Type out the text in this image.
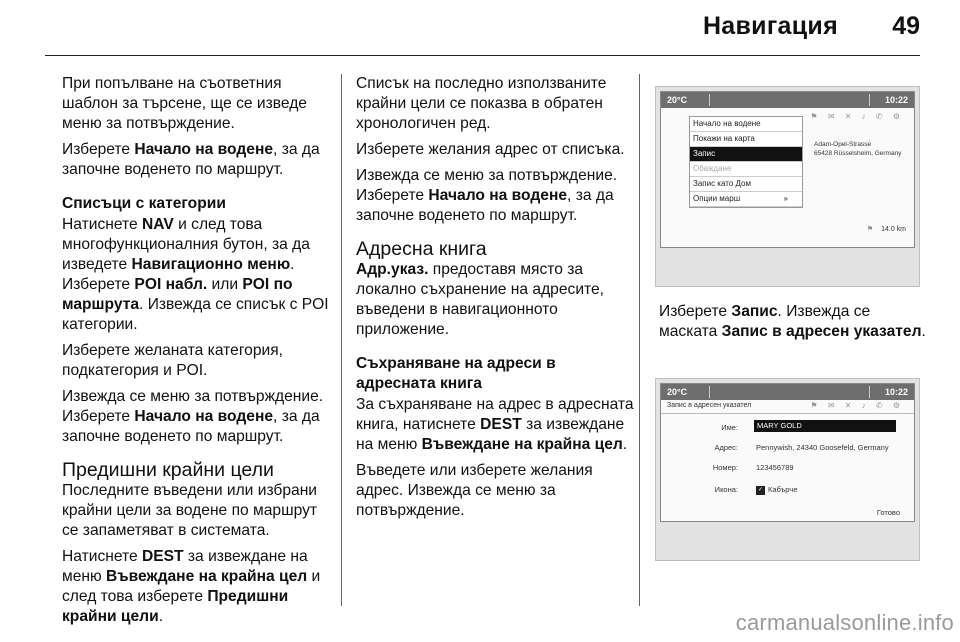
Навигация 49

При попълване на съответния шаблон за търсене, ще се изведе меню за потвърждение.

Изберете Начало на водене, за да започне воденето по маршрут.

Списъци с категории

Натиснете NAV и след това многофункционалния бутон, за да изведете Навигационно меню. Изберете POI набл. или POI по маршрута. Извежда се списък с POI категории.

Изберете желаната категория, подкатегория и POI.

Извежда се меню за потвърждение. Изберете Начало на водене, за да започне воденето по маршрут.

Предишни крайни цели

Последните въведени или избрани крайни цели за водене по маршрут се запаметяват в системата.

Натиснете DEST за извеждане на меню Въвеждане на крайна цел и след това изберете Предишни крайни цели.

Списък на последно използваните крайни цели се показва в обратен хронологичен ред.

Изберете желания адрес от списъка.

Извежда се меню за потвърждение. Изберете Начало на водене, за да започне воденето по маршрут.

Адресна книга

Адр.указ. предоставя място за локално съхранение на адресите, въведени в навигационното приложение.

Съхраняване на адреси в адресната книга

За съхраняване на адрес в адресната книга, натиснете DEST за извеждане на меню Въвеждане на крайна цел.

Въведете или изберете желания адрес. Извежда се меню за потвърждение.

20°C	10:22
⚑ ✉ ✕ ♪ ✆ ⚙
Начало на водене
Покажи на карта
Запис
Обаждане
Запис като Дом
Опции марш	»
Adam-Opel-Strasse
65428 Rüsselsheim, Germany
⚑ 14.0 km

Изберете Запис. Извежда се маската Запис в адресен указател.

20°C	10:22
⚑ ✉ ✕ ♪ ✆ ⚙
Запис в адресен указател
Име:	MARY GOLD
Адрес: Pennywish, 24340 Goosefeld, Germany
Номер: 123456789
Икона:	✓ Кабърче
Готово
carmanualsonline.info
